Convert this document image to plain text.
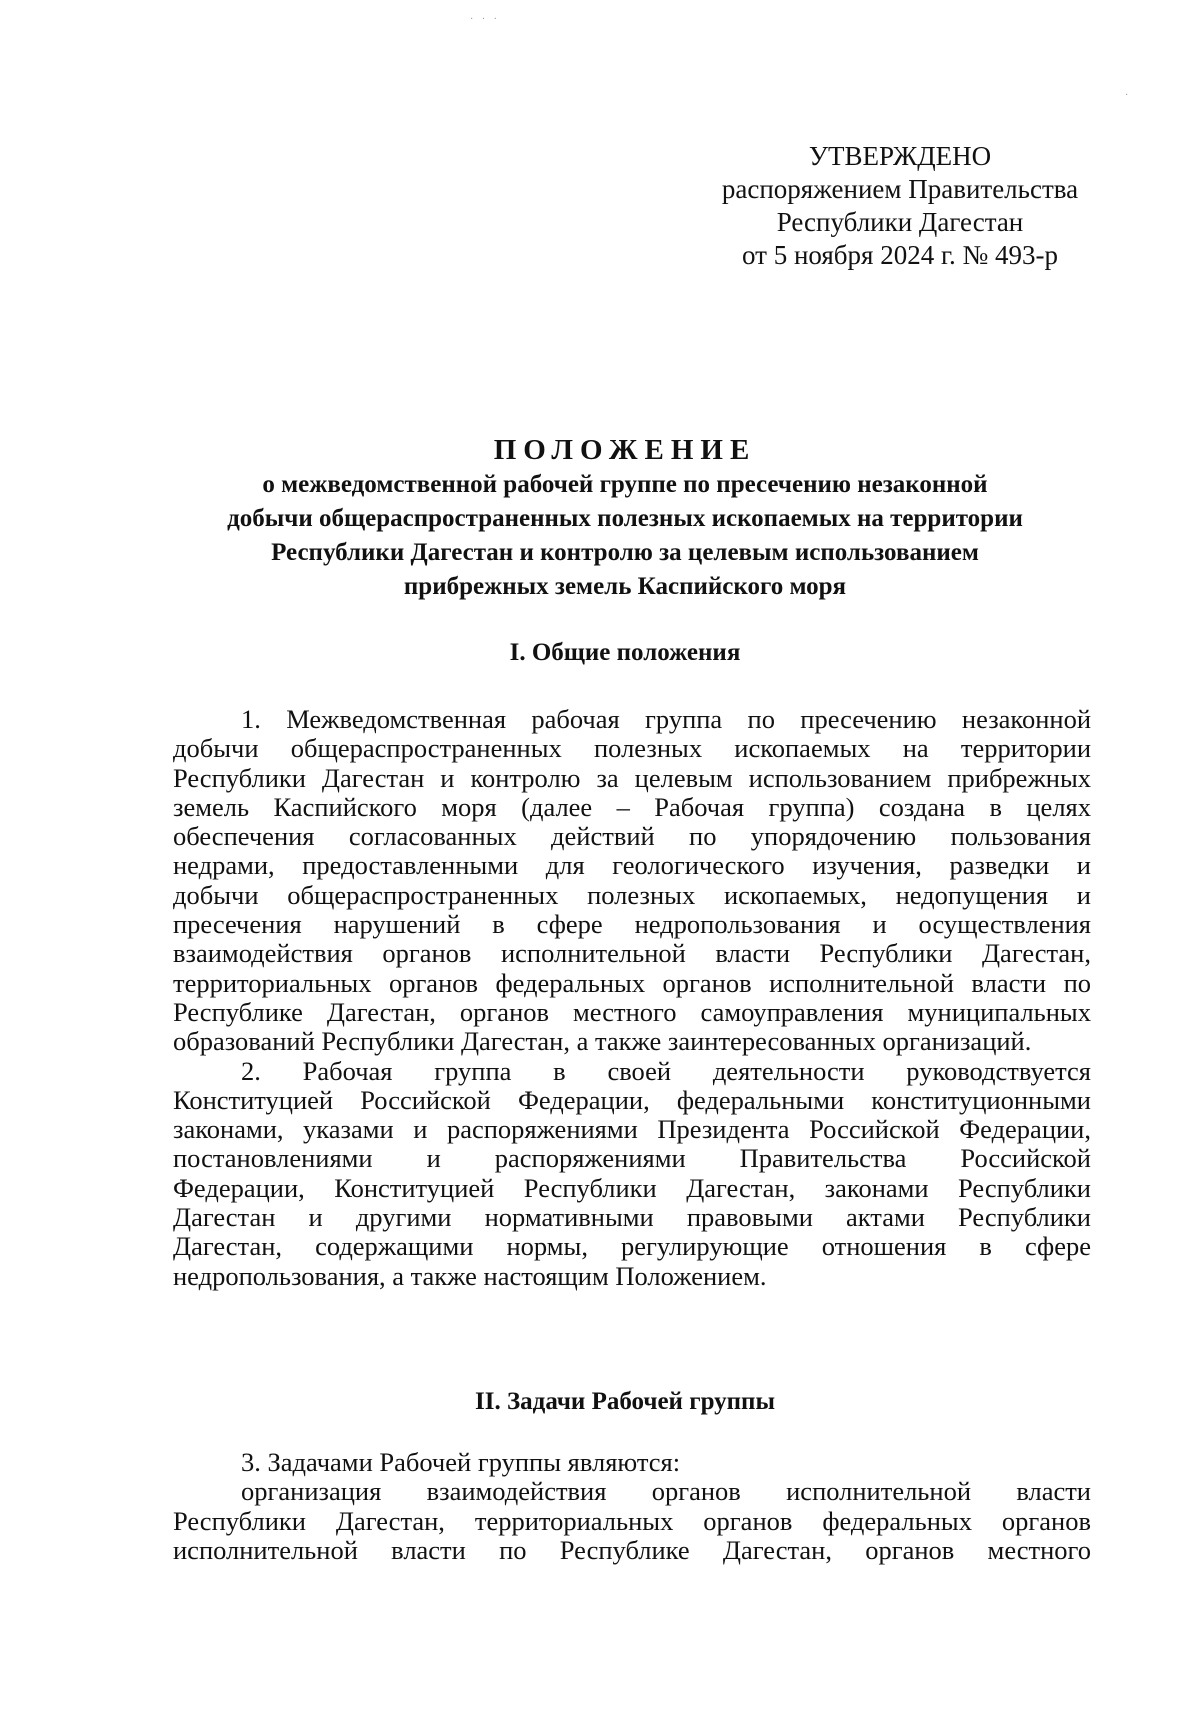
· · ·
·
УТВЕРЖДЕНО
распоряжением Правительства
Республики Дагестан
от 5 ноября 2024 г. № 493-р
ПОЛОЖЕНИЕ
о межведомственной рабочей группе по пресечению незаконной
добычи общераспространенных полезных ископаемых на территории
Республики Дагестан и контролю за целевым использованием
прибрежных земель Каспийского моря
I. Общие положения
1. Межведомственная рабочая группа по пресечению незаконной
добычи общераспространенных полезных ископаемых на территории
Республики Дагестан и контролю за целевым использованием прибрежных
земель Каспийского моря (далее – Рабочая группа) создана в целях
обеспечения согласованных действий по упорядочению пользования
недрами, предоставленными для геологического изучения, разведки и
добычи общераспространенных полезных ископаемых, недопущения и
пресечения нарушений в сфере недропользования и осуществления
взаимодействия органов исполнительной власти Республики Дагестан,
территориальных органов федеральных органов исполнительной власти по
Республике Дагестан, органов местного самоуправления муниципальных
образований Республики Дагестан, а также заинтересованных организаций.
2. Рабочая группа в своей деятельности руководствуется
Конституцией Российской Федерации, федеральными конституционными
законами, указами и распоряжениями Президента Российской Федерации,
постановлениями и распоряжениями Правительства Российской
Федерации, Конституцией Республики Дагестан, законами Республики
Дагестан и другими нормативными правовыми актами Республики
Дагестан, содержащими нормы, регулирующие отношения в сфере
недропользования, а также настоящим Положением.
II. Задачи Рабочей группы
3. Задачами Рабочей группы являются:
организация взаимодействия органов исполнительной власти
Республики Дагестан, территориальных органов федеральных органов
исполнительной власти по Республике Дагестан, органов местного
